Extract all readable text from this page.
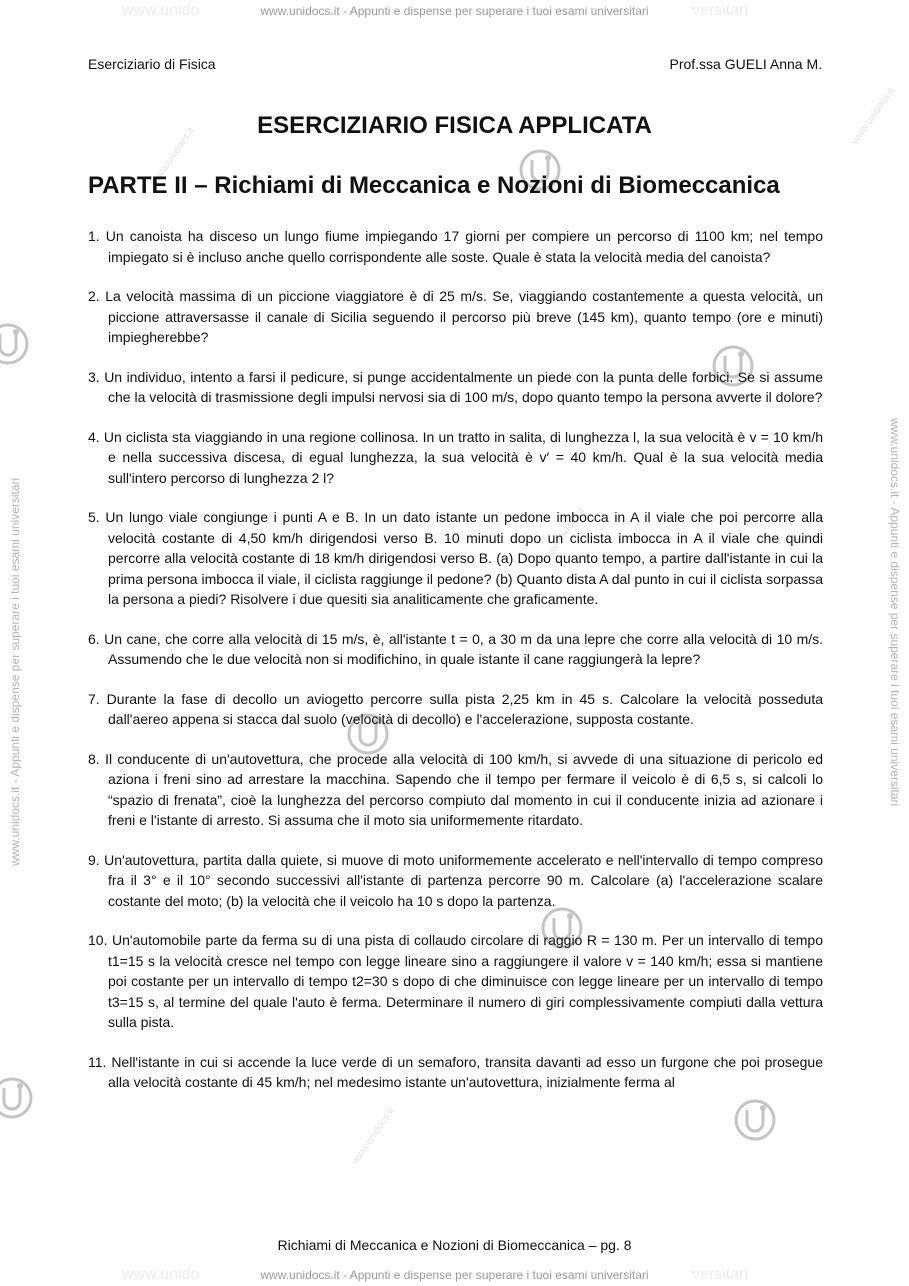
www.unido	versitari
www.unidocs.it - Appunti e dispense per superare i tuoi esami universitari
www.unido	versitari
www.unidocs.it - Appunti e dispense per superare i tuoi esami universitari
www.unidocs.it - Appunti e dispense per superare i tuoi esami universitari	www.unidocs.it - Appunti e dispense per superare i tuoi esami universitari
www.unidocs.it
www.unidocs.it
www.unidocs.it
www.unidocs.it
Eserciziario di Fisica	Prof.ssa GUELI Anna M.
ESERCIZIARIO FISICA APPLICATA
PARTE II – Richiami di Meccanica e Nozioni di Biomeccanica
1. Un canoista ha disceso un lungo fiume impiegando 17 giorni per compiere un percorso di 1100 km; nel tempo impiegato si è incluso anche quello corrispondente alle soste. Quale è stata la velocità media del canoista?
2. La velocità massima di un piccione viaggiatore è di 25 m/s. Se, viaggiando costantemente a questa velocità, un piccione attraversasse il canale di Sicilia seguendo il percorso più breve (145 km), quanto tempo (ore e minuti) impiegherebbe?
3. Un individuo, intento a farsi il pedicure, si punge accidentalmente un piede con la punta delle forbici. Se si assume che la velocità di trasmissione degli impulsi nervosi sia di 100 m/s, dopo quanto tempo la persona avverte il dolore?
4. Un ciclista sta viaggiando in una regione collinosa. In un tratto in salita, di lunghezza l, la sua velocità è v = 10 km/h e nella successiva discesa, di egual lunghezza, la sua velocità è v′ = 40 km/h. Qual è la sua velocità media sull'intero percorso di lunghezza 2 l?
5. Un lungo viale congiunge i punti A e B. In un dato istante un pedone imbocca in A il viale che poi percorre alla velocità costante di 4,50 km/h dirigendosi verso B. 10 minuti dopo un ciclista imbocca in A il viale che quindi percorre alla velocità costante di 18 km/h dirigendosi verso B. (a) Dopo quanto tempo, a partire dall'istante in cui la prima persona imbocca il viale, il ciclista raggiunge il pedone? (b) Quanto dista A dal punto in cui il ciclista sorpassa la persona a piedi? Risolvere i due quesiti sia analiticamente che graficamente.
6. Un cane, che corre alla velocità di 15 m/s, è, all'istante t = 0, a 30 m da una lepre che corre alla velocità di 10 m/s. Assumendo che le due velocità non si modifichino, in quale istante il cane raggiungerà la lepre?
7. Durante la fase di decollo un aviogetto percorre sulla pista 2,25 km in 45 s. Calcolare la velocità posseduta dall'aereo appena si stacca dal suolo (velocità di decollo) e l'accelerazione, supposta costante.
8. Il conducente di un'autovettura, che procede alla velocità di 100 km/h, si avvede di una situazione di pericolo ed aziona i freni sino ad arrestare la macchina. Sapendo che il tempo per fermare il veicolo è di 6,5 s, si calcoli lo “spazio di frenata”, cioè la lunghezza del percorso compiuto dal momento in cui il conducente inizia ad azionare i freni e l'istante di arresto. Si assuma che il moto sia uniformemente ritardato.
9. Un'autovettura, partita dalla quiete, si muove di moto uniformemente accelerato e nell'intervallo di tempo compreso fra il 3° e il 10° secondo successivi all'istante di partenza percorre 90 m. Calcolare (a) l'accelerazione scalare costante del moto; (b) la velocità che il veicolo ha 10 s dopo la partenza.
10. Un'automobile parte da ferma su di una pista di collaudo circolare di raggio R = 130 m. Per un intervallo di tempo t1=15 s la velocità cresce nel tempo con legge lineare sino a raggiungere il valore v = 140 km/h; essa si mantiene poi costante per un intervallo di tempo t2=30 s dopo di che diminuisce con legge lineare per un intervallo di tempo t3=15 s, al termine del quale l'auto è ferma. Determinare il numero di giri complessivamente compiuti dalla vettura sulla pista.
11. Nell'istante in cui si accende la luce verde di un semaforo, transita davanti ad esso un furgone che poi prosegue alla velocità costante di 45 km/h; nel medesimo istante un'autovettura, inizialmente ferma al
Richiami di Meccanica e Nozioni di Biomeccanica – pg. 8
